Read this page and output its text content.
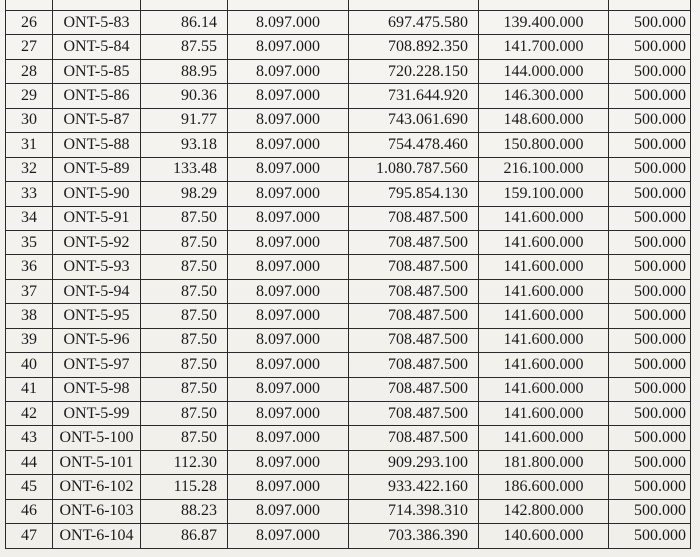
26	ONT-5-83	86.14	8.097.000	697.475.580	139.400.000	500.000
27	ONT-5-84	87.55	8.097.000	708.892.350	141.700.000	500.000
28	ONT-5-85	88.95	8.097.000	720.228.150	144.000.000	500.000
29	ONT-5-86	90.36	8.097.000	731.644.920	146.300.000	500.000
30	ONT-5-87	91.77	8.097.000	743.061.690	148.600.000	500.000
31	ONT-5-88	93.18	8.097.000	754.478.460	150.800.000	500.000
32	ONT-5-89	133.48	8.097.000	1.080.787.560	216.100.000	500.000
33	ONT-5-90	98.29	8.097.000	795.854.130	159.100.000	500.000
34	ONT-5-91	87.50	8.097.000	708.487.500	141.600.000	500.000
35	ONT-5-92	87.50	8.097.000	708.487.500	141.600.000	500.000
36	ONT-5-93	87.50	8.097.000	708.487.500	141.600.000	500.000
37	ONT-5-94	87.50	8.097.000	708.487.500	141.600.000	500.000
38	ONT-5-95	87.50	8.097.000	708.487.500	141.600.000	500.000
39	ONT-5-96	87.50	8.097.000	708.487.500	141.600.000	500.000
40	ONT-5-97	87.50	8.097.000	708.487.500	141.600.000	500.000
41	ONT-5-98	87.50	8.097.000	708.487.500	141.600.000	500.000
42	ONT-5-99	87.50	8.097.000	708.487.500	141.600.000	500.000
43	ONT-5-100	87.50	8.097.000	708.487.500	141.600.000	500.000
44	ONT-5-101	112.30	8.097.000	909.293.100	181.800.000	500.000
45	ONT-6-102	115.28	8.097.000	933.422.160	186.600.000	500.000
46	ONT-6-103	88.23	8.097.000	714.398.310	142.800.000	500.000
47	ONT-6-104	86.87	8.097.000	703.386.390	140.600.000	500.000
